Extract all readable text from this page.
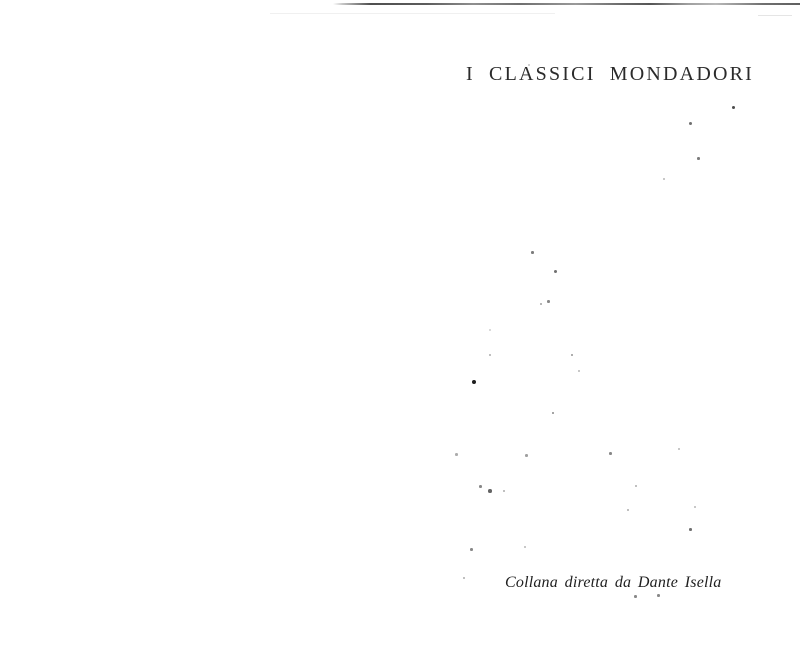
I CLASSICI MONDADORI
Collana diretta da Dante Isella
